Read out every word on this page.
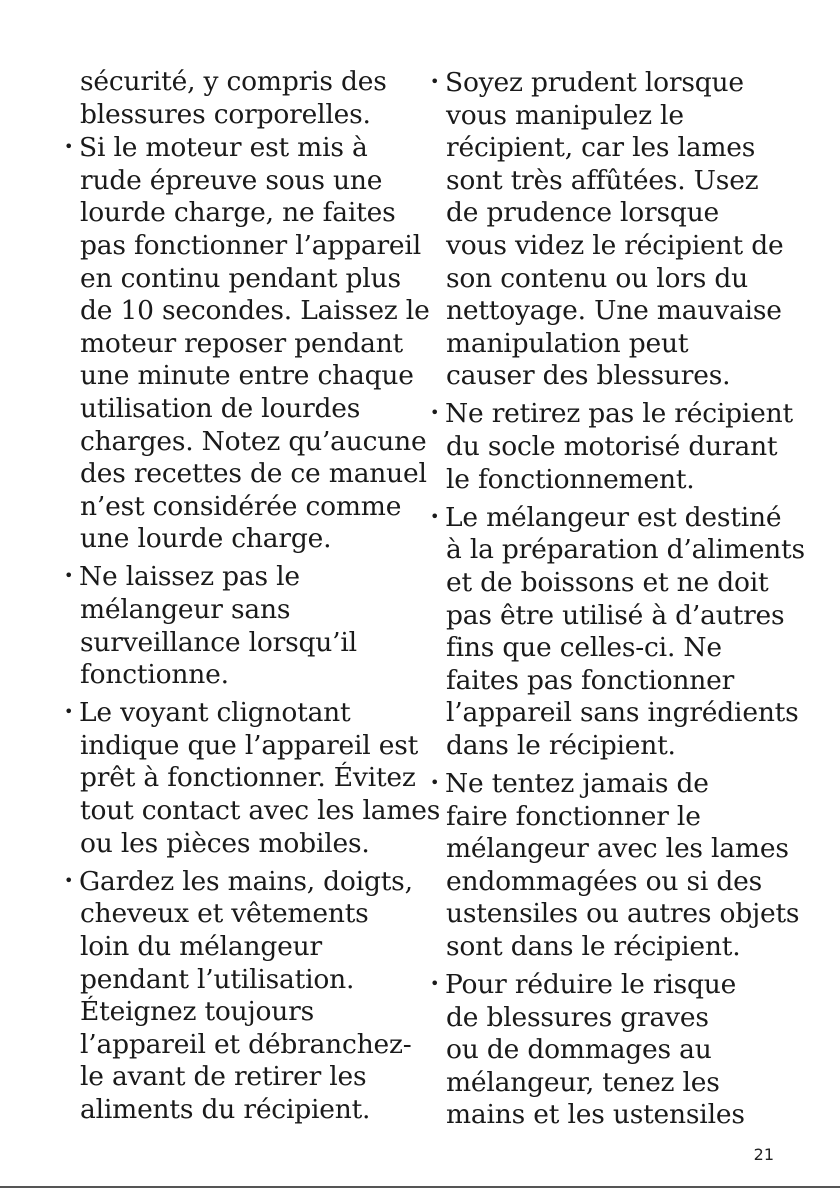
sécurité, y compris des
blessures corporelles.
• Si le moteur est mis à
rude épreuve sous une
lourde charge, ne faites
pas fonctionner l’appareil
en continu pendant plus
de 10 secondes. Laissez le
moteur reposer pendant
une minute entre chaque
utilisation de lourdes
charges. Notez qu’aucune
des recettes de ce manuel
n’est considérée comme
une lourde charge.
• Ne laissez pas le
mélangeur sans
surveillance lorsqu’il
fonctionne.
• Le voyant clignotant
indique que l’appareil est
prêt à fonctionner. Évitez
tout contact avec les lames
ou les pièces mobiles.
• Gardez les mains, doigts,
cheveux et vêtements
loin du mélangeur
pendant l’utilisation.
Éteignez toujours
l’appareil et débranchez-
le avant de retirer les
aliments du récipient.
• Soyez prudent lorsque
vous manipulez le
récipient, car les lames
sont très affûtées. Usez
de prudence lorsque
vous videz le récipient de
son contenu ou lors du
nettoyage. Une mauvaise
manipulation peut
causer des blessures.
• Ne retirez pas le récipient
du socle motorisé durant
le fonctionnement.
• Le mélangeur est destiné
à la préparation d’aliments
et de boissons et ne doit
pas être utilisé à d’autres
fins que celles-ci. Ne
faites pas fonctionner
l’appareil sans ingrédients
dans le récipient.
• Ne tentez jamais de
faire fonctionner le
mélangeur avec les lames
endommagées ou si des
ustensiles ou autres objets
sont dans le récipient.
• Pour réduire le risque
de blessures graves
ou de dommages au
mélangeur, tenez les
mains et les ustensiles
21
